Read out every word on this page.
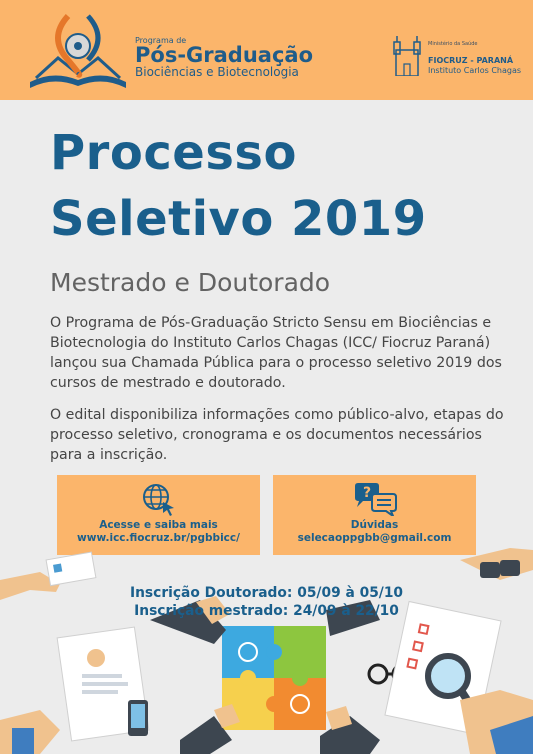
Programa de
Pós-Graduação
Biociências e Biotecnologia
Ministério da Saúde
FIOCRUZ - PARANÁ
Instituto Carlos Chagas
Processo
Seletivo 2019
Mestrado e Doutorado
O Programa de Pós-Graduação Stricto Sensu em Biociências e Biotecnologia do Instituto Carlos Chagas (ICC/ Fiocruz Paraná) lançou sua Chamada Pública para o processo seletivo 2019 dos cursos de mestrado e doutorado.
O edital disponibiliza informações como público-alvo, etapas do processo seletivo, cronograma e os documentos necessários para a inscrição.
Acesse e saiba mais
www.icc.fiocruz.br/pgbbicc/
?
Dúvidas
selecaoppgbb@gmail.com
Inscrição Doutorado: 05/09 à 05/10
Inscrição mestrado: 24/09 à 22/10
